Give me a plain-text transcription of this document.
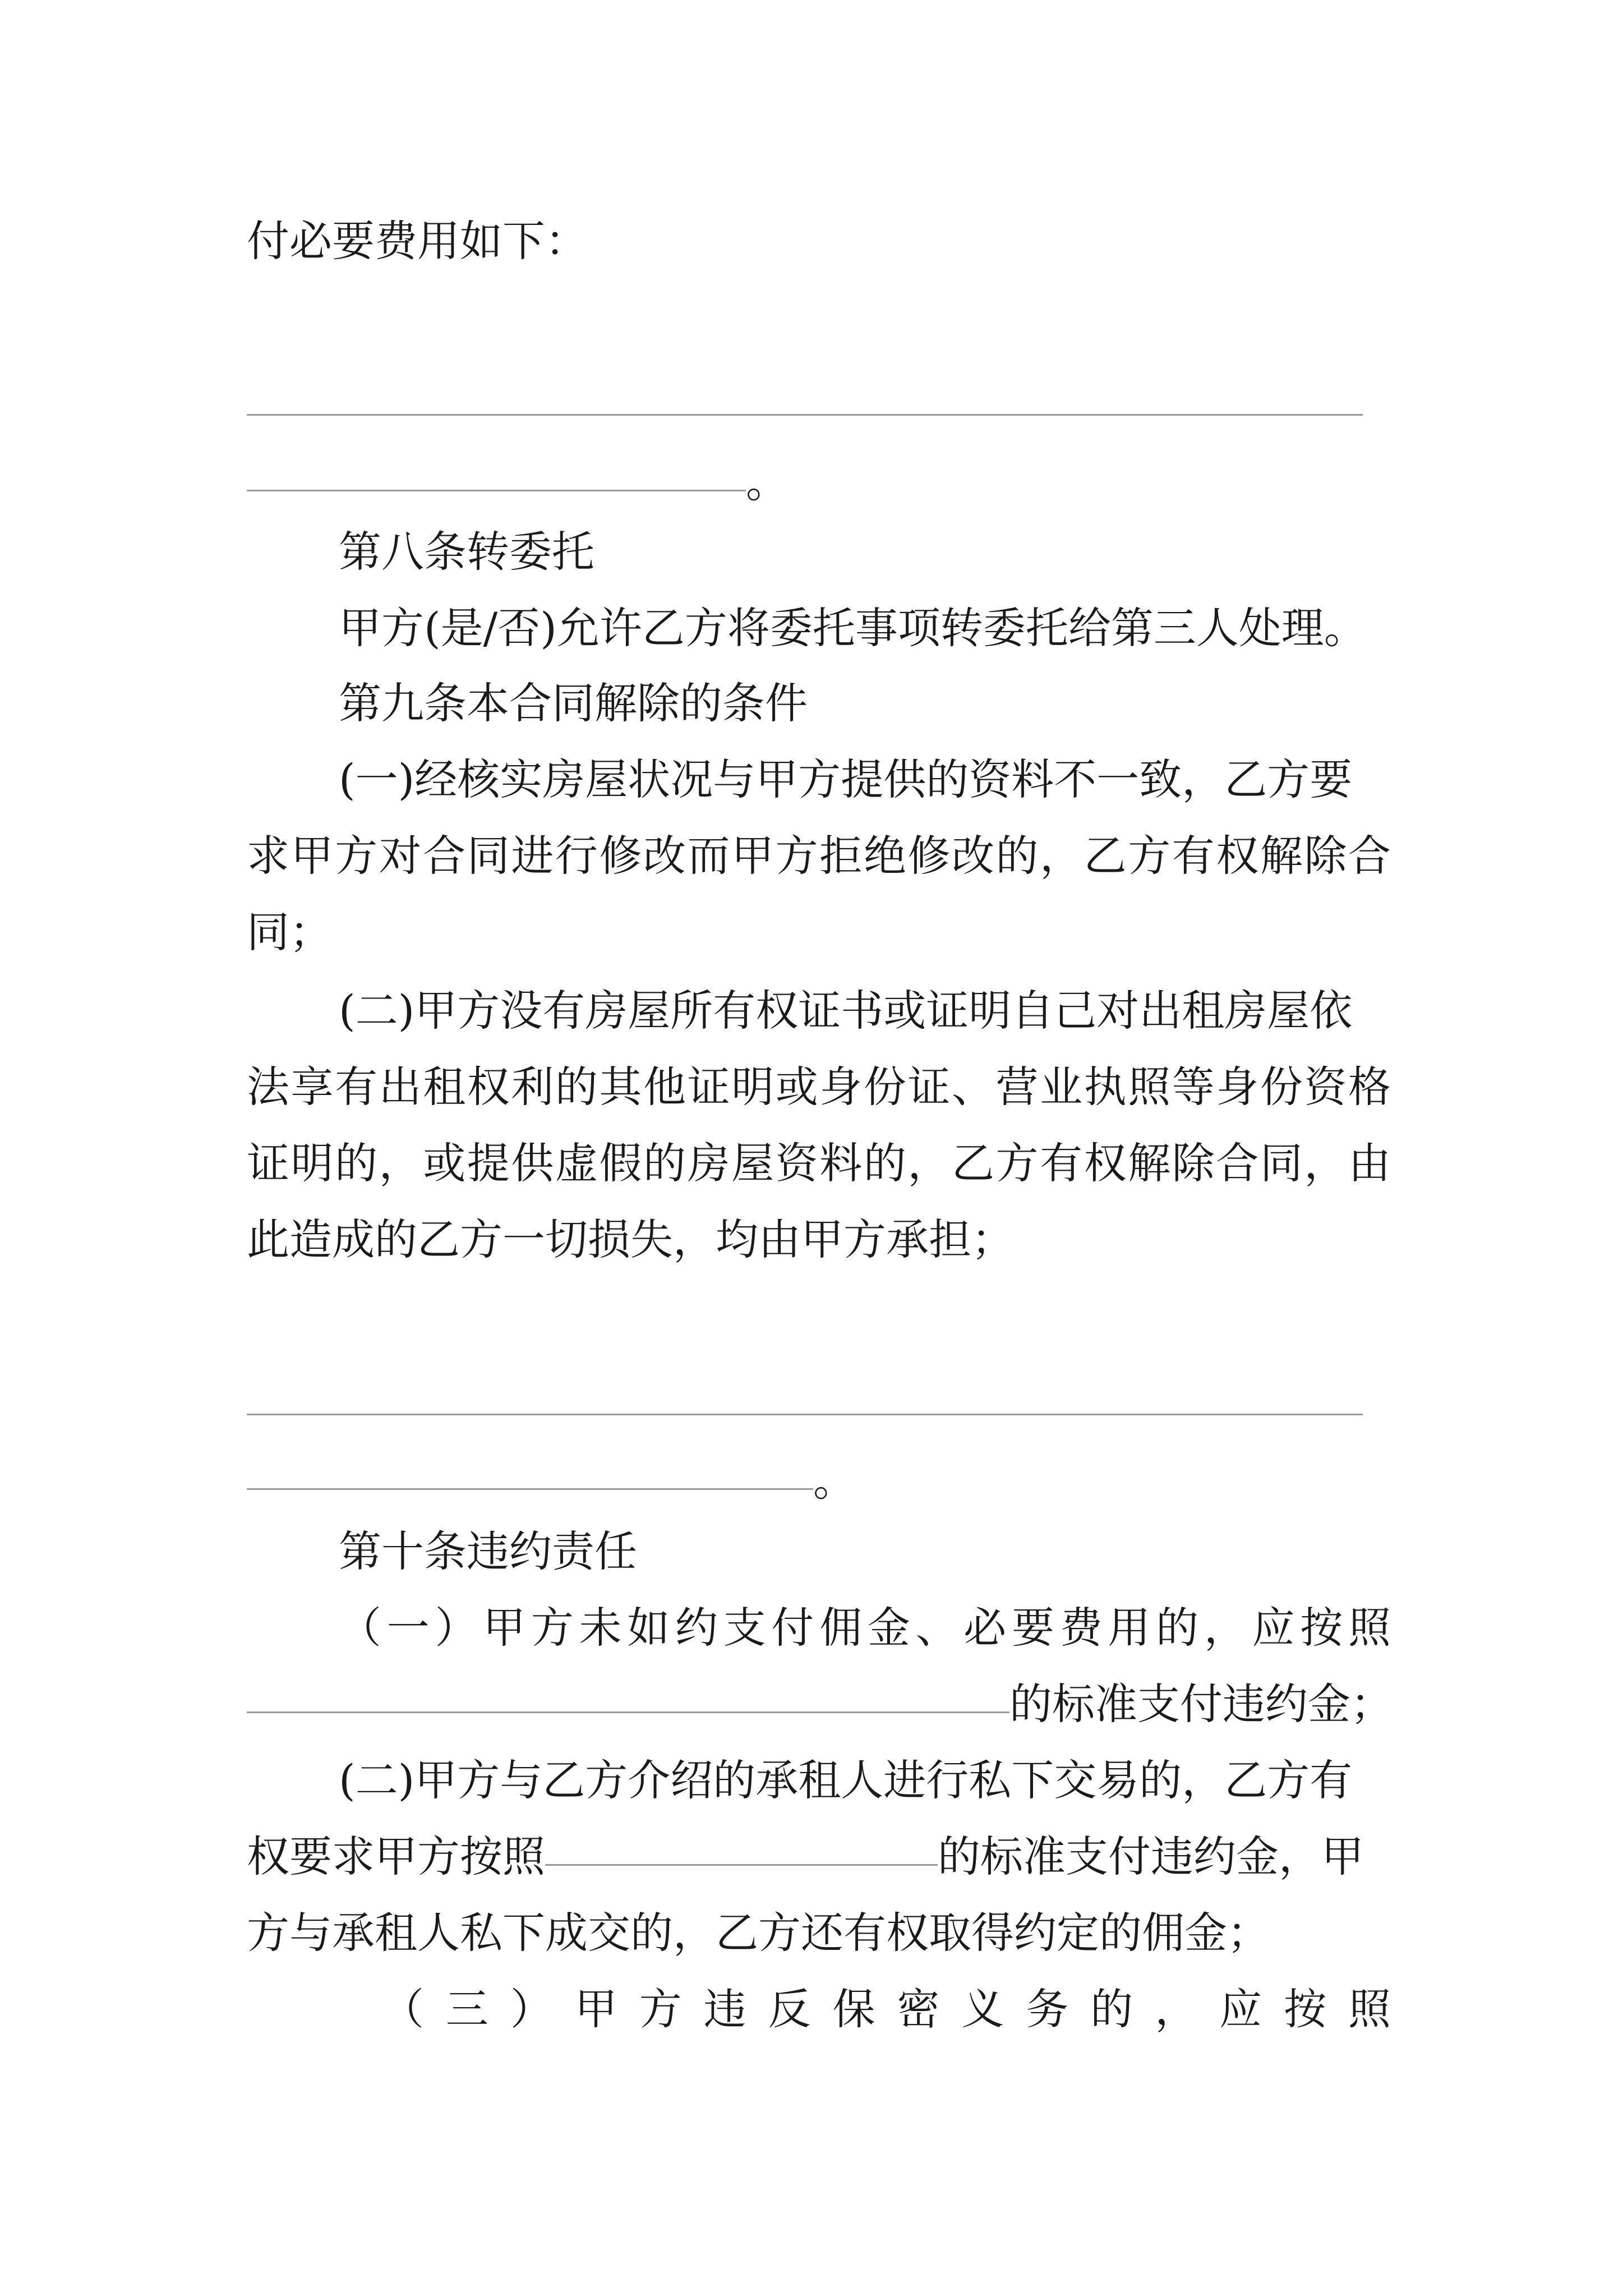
付必要费用如下：
。
第八条转委托
甲方(是/否)允许乙方将委托事项转委托给第三人处理。
第九条本合同解除的条件
(一)经核实房屋状况与甲方提供的资料不一致，乙方要
求甲方对合同进行修改而甲方拒绝修改的，乙方有权解除合
同；
(二)甲方没有房屋所有权证书或证明自己对出租房屋依
法享有出租权利的其他证明或身份证、营业执照等身份资格
证明的，或提供虚假的房屋资料的，乙方有权解除合同，由
此造成的乙方一切损失，均由甲方承担；
。
第十条违约责任
（一）甲方未如约支付佣金、必要费用的，应按照
的标准支付违约金；
(二)甲方与乙方介绍的承租人进行私下交易的，乙方有
权要求甲方按照	的标准支付违约金，甲
方与承租人私下成交的，乙方还有权取得约定的佣金；
（三）甲方违反保密义务的，应按照
